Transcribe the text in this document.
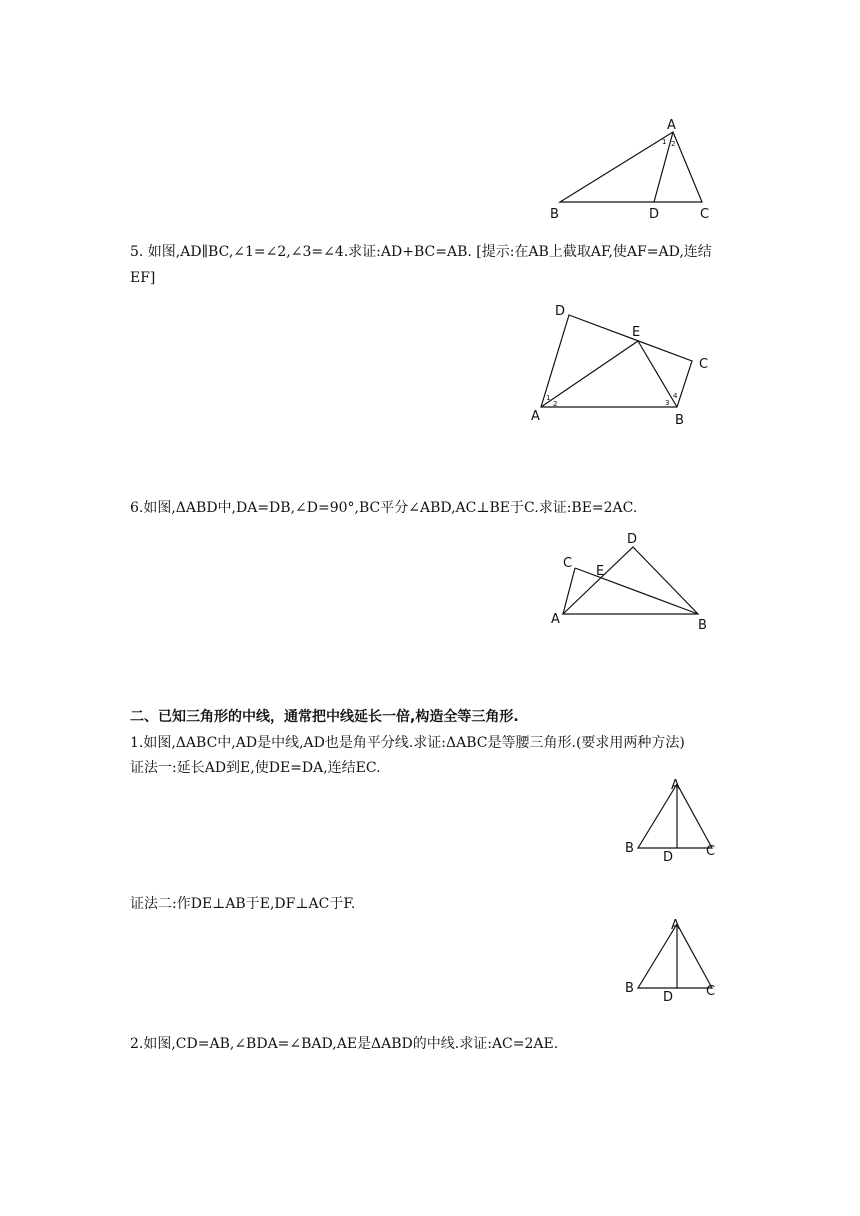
A
B	D	C
1 2
5. 如图,AD∥BC,∠1=∠2,∠3=∠4.求证:AD+BC=AB. [提示:在AB上截取AF,使AF=AD,连结
EF]
D
E
C
A	B
1
2	3
4
6.如图,ΔABD中,DA=DB,∠D=90°,BC平分∠ABD,AC⊥BE于C.求证:BE=2AC.
D
C
E
A	B
二、已知三角形的中线，通常把中线延长一倍,构造全等三角形.
1.如图,ΔABC中,AD是中线,AD也是角平分线.求证:ΔABC是等腰三角形.(要求用两种方法)
证法一:延长AD到E,使DE=DA,连结EC.
A
B
D	C
证法二:作DE⊥AB于E,DF⊥AC于F.
A
B
D	C
2.如图,CD=AB,∠BDA=∠BAD,AE是ΔABD的中线.求证:AC=2AE.
